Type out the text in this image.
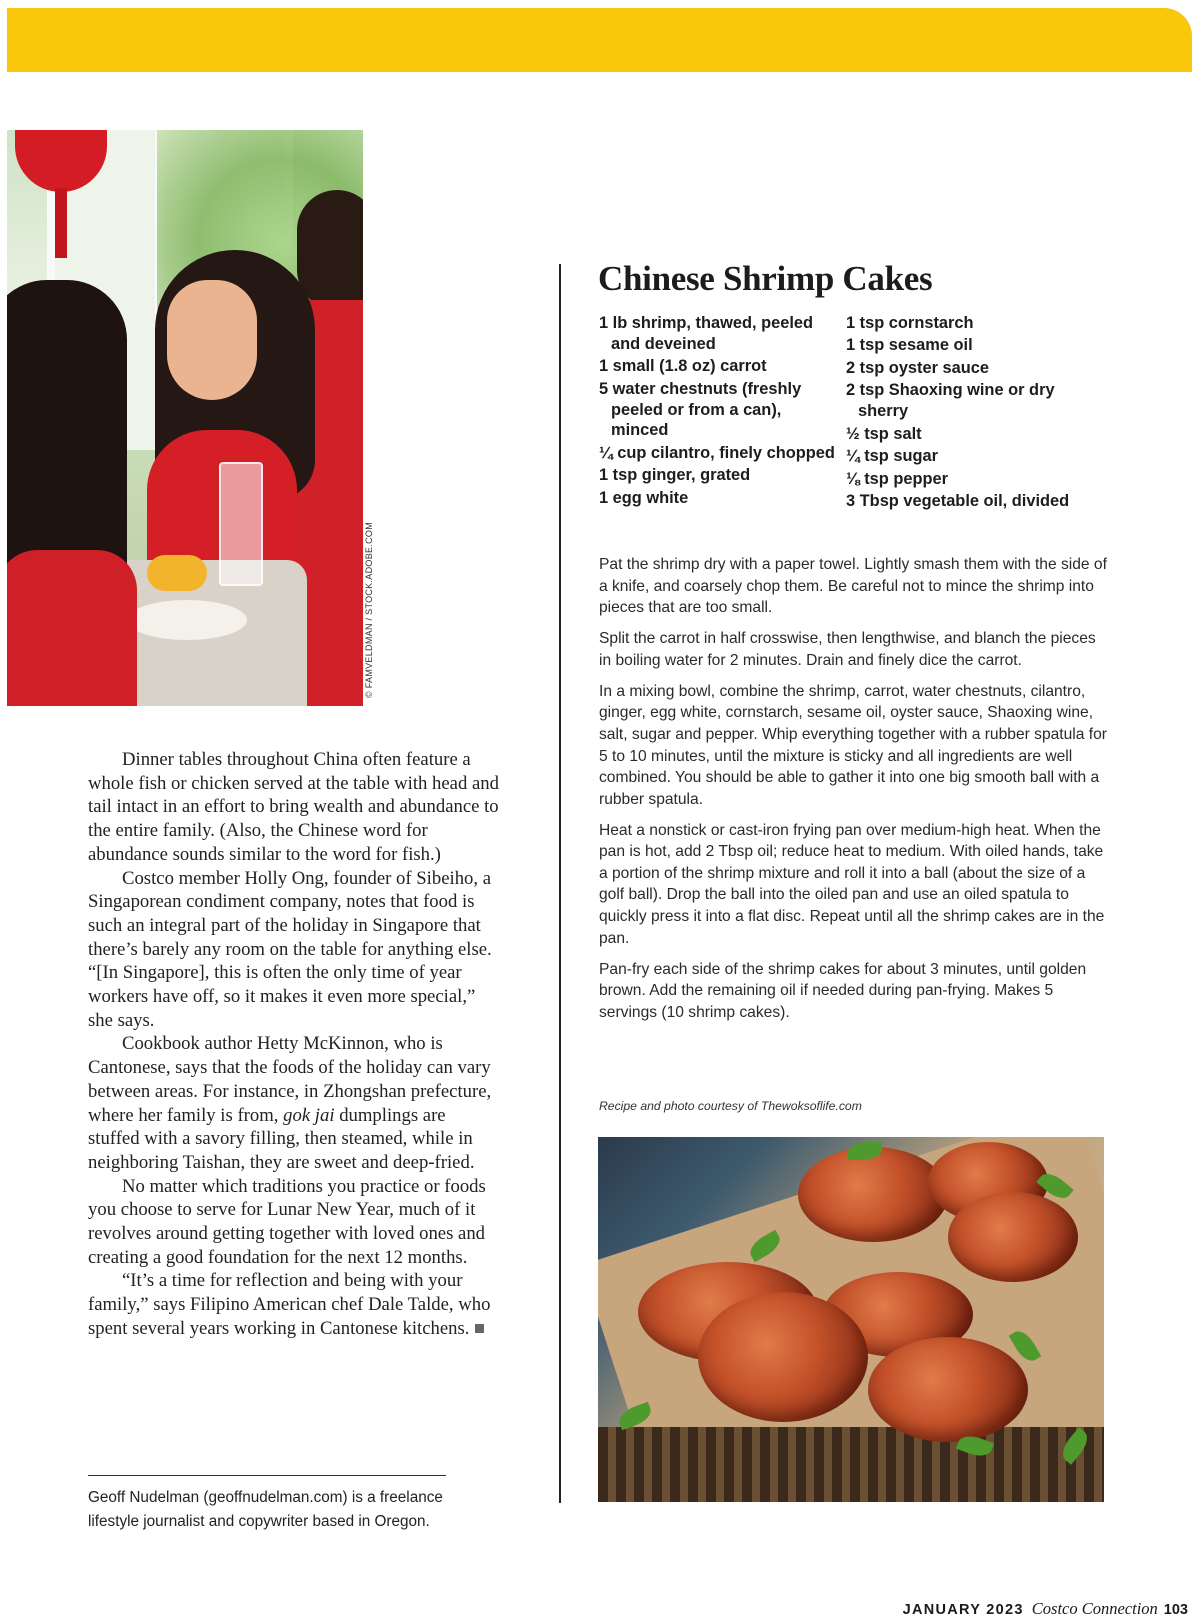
© FAMVELDMAN / STOCK.ADOBE.COM

Dinner tables throughout China often feature a whole fish or chicken served at the table with head and tail intact in an effort to bring wealth and abundance to the entire family. (Also, the Chinese word for abundance sounds similar to the word for fish.)

Costco member Holly Ong, founder of Sibeiho, a Singaporean condiment company, notes that food is such an integral part of the holiday in Singapore that there’s barely any room on the table for anything else. “[In Singapore], this is often the only time of year workers have off, so it makes it even more special,” she says.

Cookbook author Hetty McKinnon, who is Cantonese, says that the foods of the holiday can vary between areas. For instance, in Zhongshan prefecture, where her family is from, gok jai dumplings are stuffed with a savory filling, then steamed, while in neighboring Taishan, they are sweet and deep-fried.

No matter which traditions you practice or foods you choose to serve for Lunar New Year, much of it revolves around getting together with loved ones and creating a good foundation for the next 12 months.

“It’s a time for reflection and being with your family,” says Filipino American chef Dale Talde, who spent several years working in Cantonese kitchens.

Geoff Nudelman (geoffnudelman.com) is a freelance lifestyle journalist and copywriter based in Oregon.
Chinese Shrimp Cakes
1 lb shrimp, thawed, peeled and deveined
1 small (1.8 oz) carrot
5 water chestnuts (freshly peeled or from a can), minced
¼ cup cilantro, finely chopped
1 tsp ginger, grated
1 egg white
1 tsp cornstarch
1 tsp sesame oil
2 tsp oyster sauce
2 tsp Shaoxing wine or dry sherry
½ tsp salt
¼ tsp sugar
⅛ tsp pepper
3 Tbsp vegetable oil, divided

Pat the shrimp dry with a paper towel. Lightly smash them with the side of a knife, and coarsely chop them. Be careful not to mince the shrimp into pieces that are too small.

Split the carrot in half crosswise, then lengthwise, and blanch the pieces in boiling water for 2 minutes. Drain and finely dice the carrot.

In a mixing bowl, combine the shrimp, carrot, water chestnuts, cilantro, ginger, egg white, cornstarch, sesame oil, oyster sauce, Shaoxing wine, salt, sugar and pepper. Whip everything together with a rubber spatula for 5 to 10 minutes, until the mixture is sticky and all ingredients are well combined. You should be able to gather it into one big smooth ball with a rubber spatula.

Heat a nonstick or cast-iron frying pan over medium-high heat. When the pan is hot, add 2 Tbsp oil; reduce heat to medium. With oiled hands, take a portion of the shrimp mixture and roll it into a ball (about the size of a golf ball). Drop the ball into the oiled pan and use an oiled spatula to quickly press it into a flat disc. Repeat until all the shrimp cakes are in the pan.

Pan-fry each side of the shrimp cakes for about 3 minutes, until golden brown. Add the remaining oil if needed during pan-frying. Makes 5 servings (10 shrimp cakes).

Recipe and photo courtesy of Thewoksoflife.com
JANUARY 2023 Costco Connection 103
